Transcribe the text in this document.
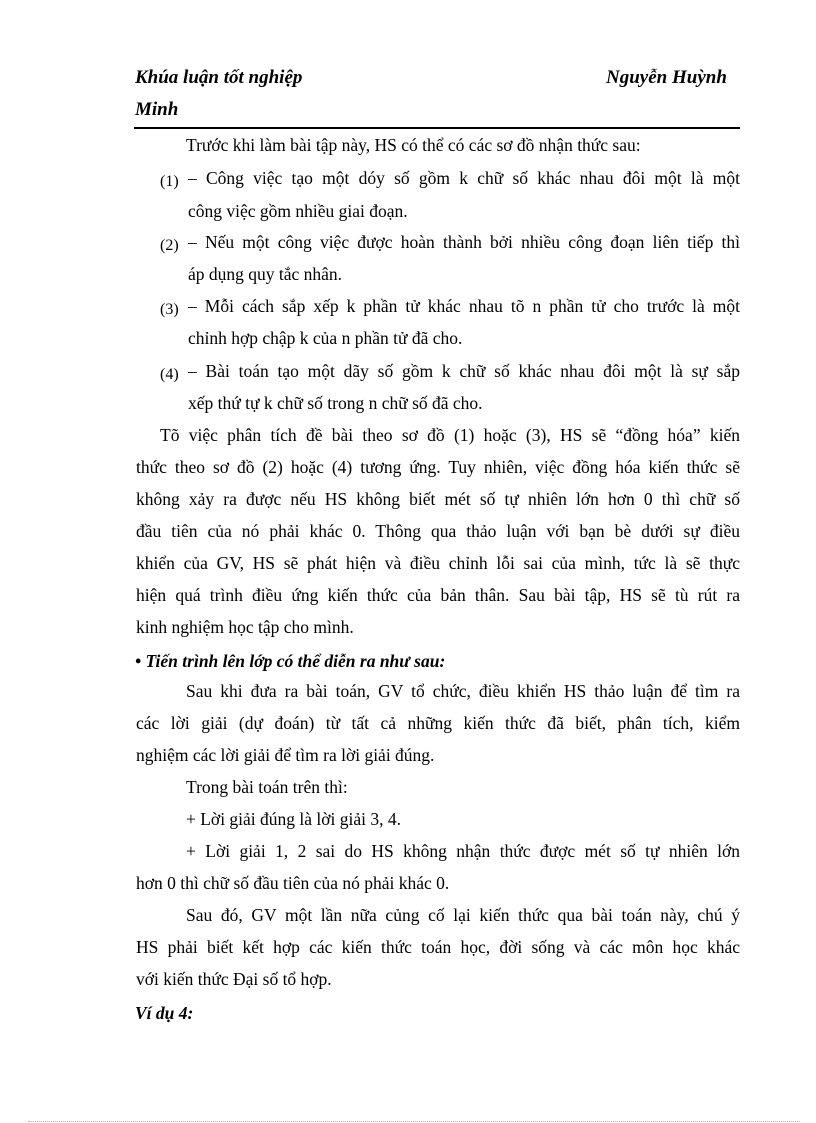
Khúa luận tốt nghiệp	Nguyễn Huỳnh
Minh
Trước khi làm bài tập này, HS có thể có các sơ đồ nhận thức sau:
(1) – Công việc tạo một dóy số gồm k chữ số khác nhau đôi một là một
công việc gồm nhiều giai đoạn.
(2) – Nếu một công việc được hoàn thành bởi nhiều công đoạn liên tiếp thì
áp dụng quy tắc nhân.
(3) – Mỗi cách sắp xếp k phần tử khác nhau tõ n phần tử cho trước là một
chỉnh hợp chập k của n phần tử đã cho.
(4) – Bài toán tạo một dãy số gồm k chữ số khác nhau đôi một là sự sắp
xếp thứ tự k chữ số trong n chữ số đã cho.
Tõ việc phân tích đề bài theo sơ đồ (1) hoặc (3), HS sẽ “đồng hóa” kiến
thức theo sơ đồ (2) hoặc (4) tương ứng. Tuy nhiên, việc đồng hóa kiến thức sẽ
không xảy ra được nếu HS không biết mét số tự nhiên lớn hơn 0 thì chữ số
đầu tiên của nó phải khác 0. Thông qua thảo luận với bạn bè dưới sự điều
khiển của GV, HS sẽ phát hiện và điều chỉnh lỗi sai của mình, tức là sẽ thực
hiện quá trình điều ứng kiến thức của bản thân. Sau bài tập, HS sẽ tù rút ra
kinh nghiệm học tập cho mình.
• Tiến trình lên lớp có thể diễn ra như sau:
Sau khi đưa ra bài toán, GV tổ chức, điều khiển HS thảo luận để tìm ra
các lời giải (dự đoán) từ tất cả những kiến thức đã biết, phân tích, kiểm
nghiệm các lời giải để tìm ra lời giải đúng.
Trong bài toán trên thì:
+ Lời giải đúng là lời giải 3, 4.
+ Lời giải 1, 2 sai do HS không nhận thức được mét số tự nhiên lớn
hơn 0 thì chữ số đầu tiên của nó phải khác 0.
Sau đó, GV một lần nữa củng cố lại kiến thức qua bài toán này, chú ý
HS phải biết kết hợp các kiến thức toán học, đời sống và các môn học khác
với kiến thức Đại số tổ hợp.
Ví dụ 4:
